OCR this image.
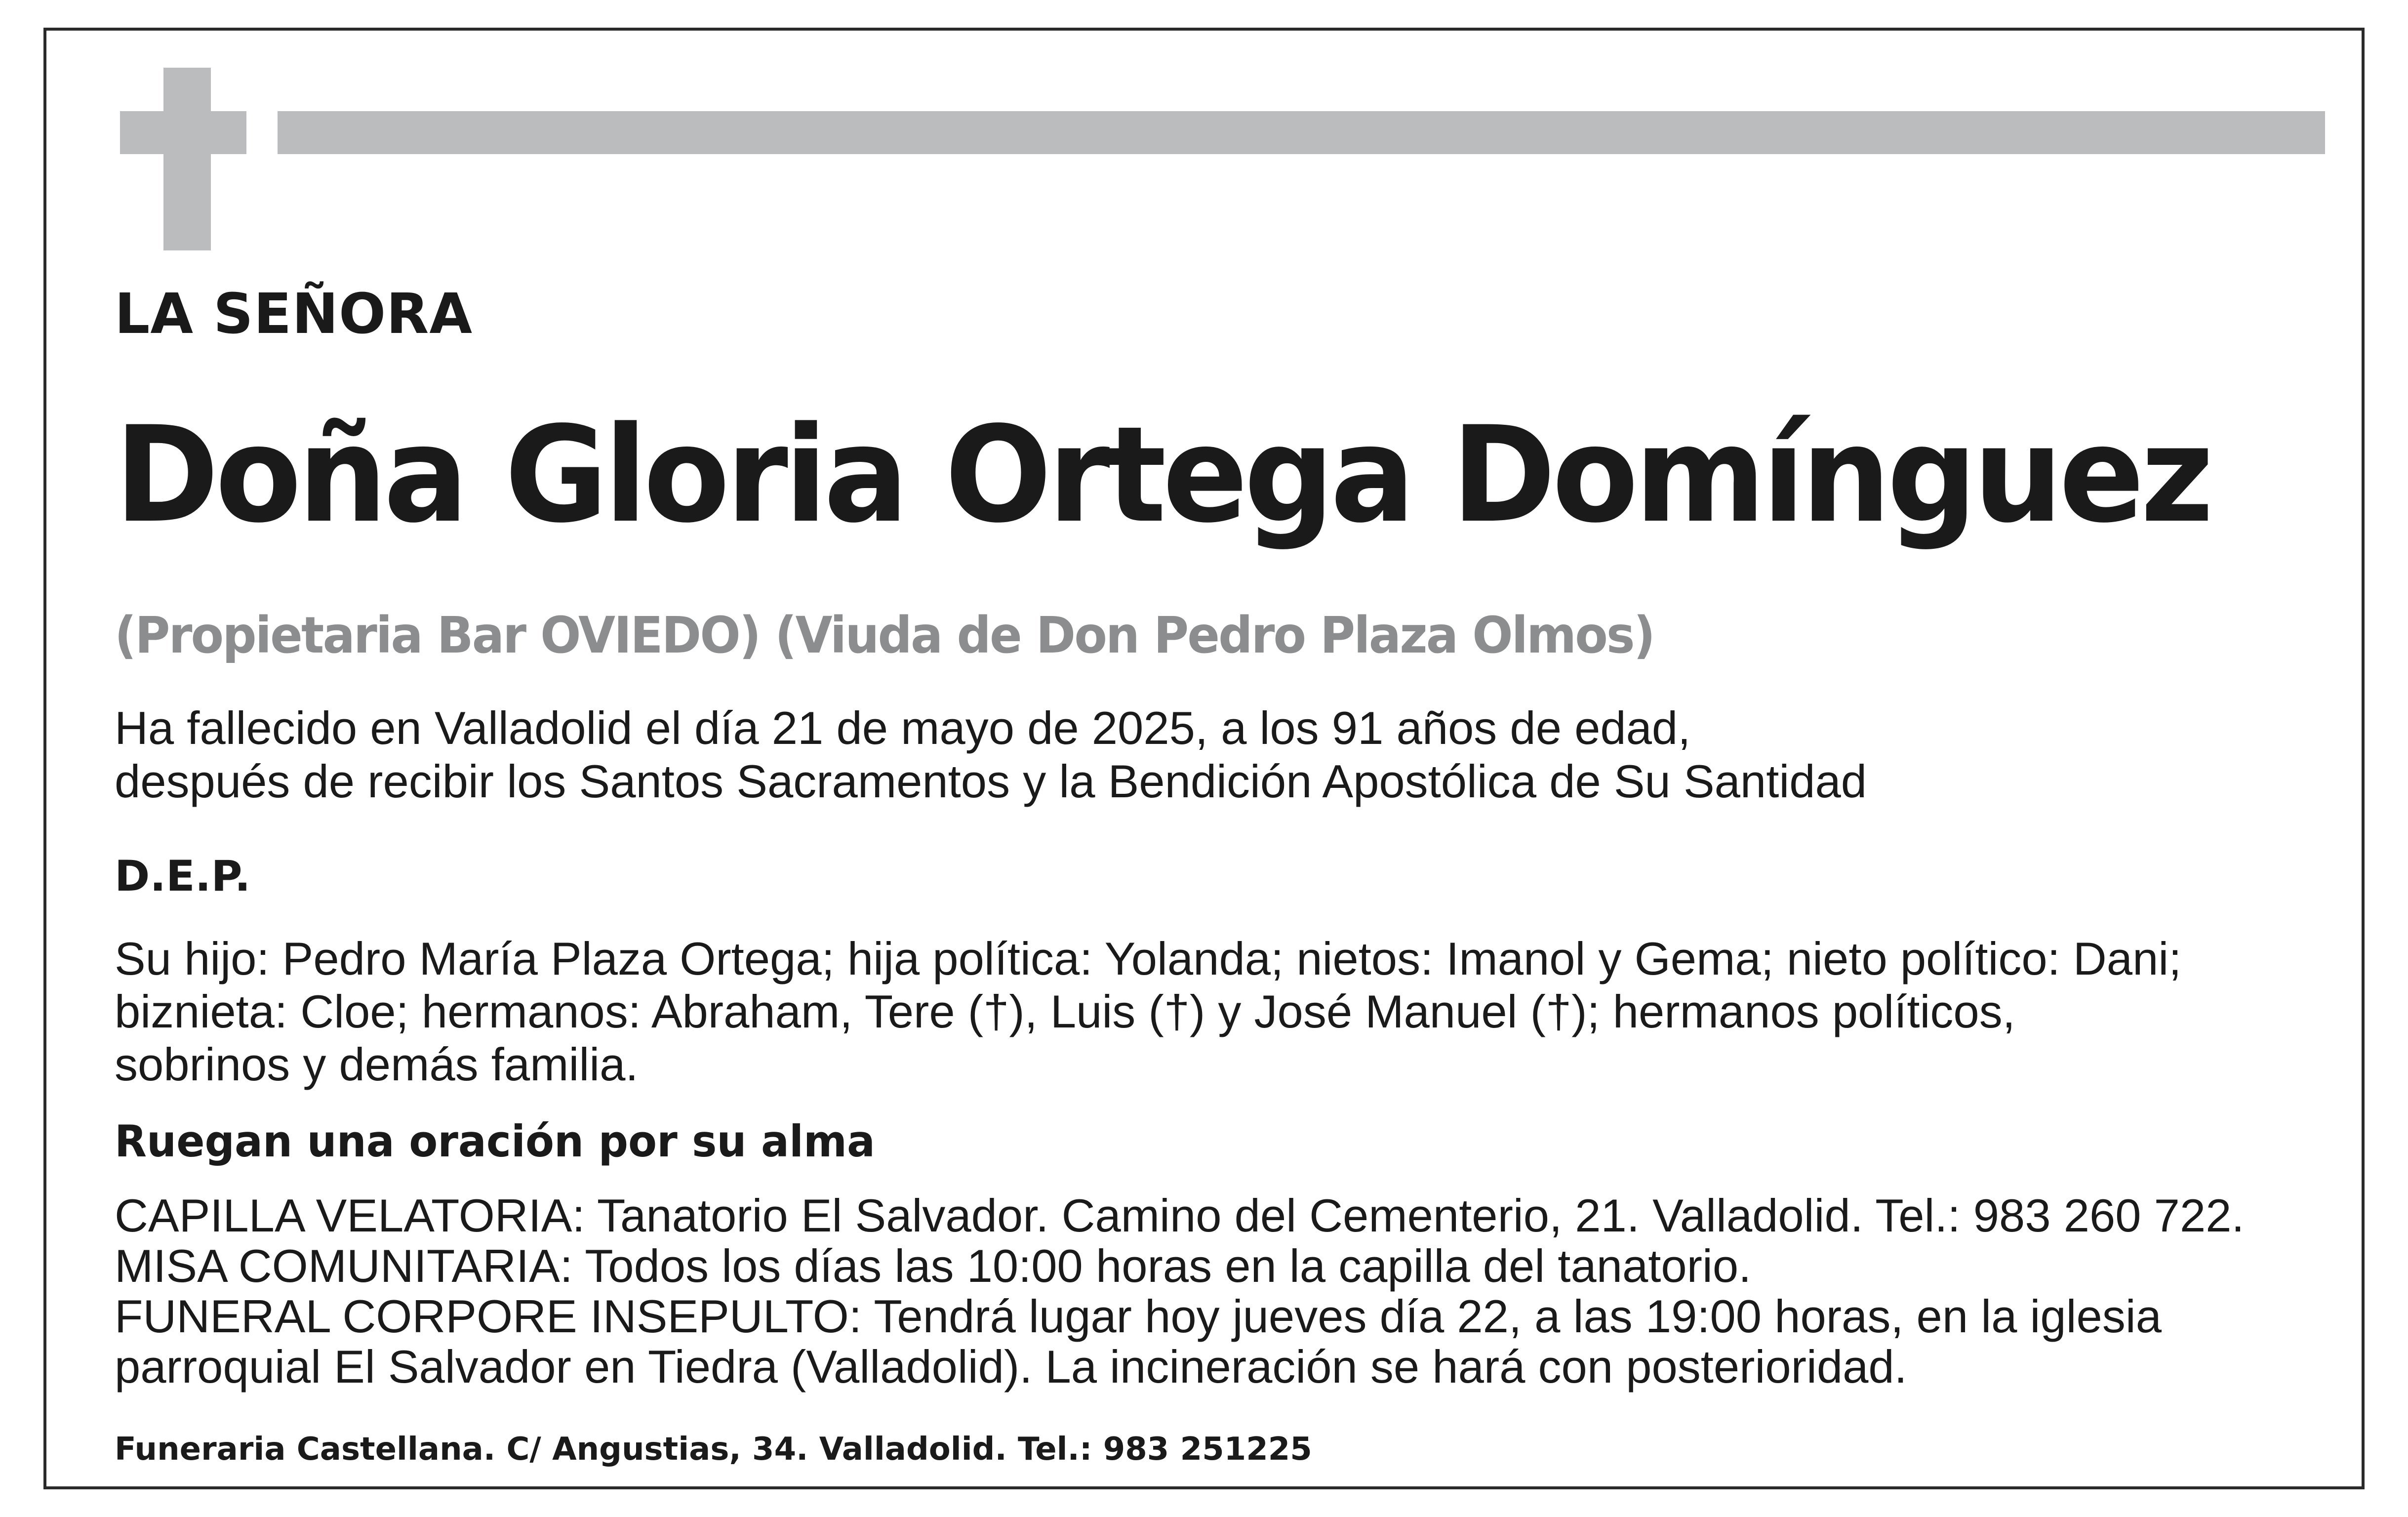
LA SEÑORA

Doña Gloria Ortega Domínguez

(Propietaria Bar OVIEDO) (Viuda de Don Pedro Plaza Olmos)

Ha fallecido en Valladolid el día 21 de mayo de 2025, a los 91 años de edad,
después de recibir los Santos Sacramentos y la Bendición Apostólica de Su Santidad

D.E.P.

Su hijo: Pedro María Plaza Ortega; hija política: Yolanda; nietos: Imanol y Gema; nieto político: Dani;
biznieta: Cloe; hermanos: Abraham, Tere (†), Luis (†) y José Manuel (†); hermanos políticos,
sobrinos y demás familia.

Ruegan una oración por su alma

CAPILLA VELATORIA: Tanatorio El Salvador. Camino del Cementerio, 21. Valladolid. Tel.: 983 260 722.
MISA COMUNITARIA: Todos los días las 10:00 horas en la capilla del tanatorio.
FUNERAL CORPORE INSEPULTO: Tendrá lugar hoy jueves día 22, a las 19:00 horas, en la iglesia
parroquial El Salvador en Tiedra (Valladolid). La incineración se hará con posterioridad.

Funeraria Castellana. C/ Angustias, 34. Valladolid. Tel.: 983 251225
